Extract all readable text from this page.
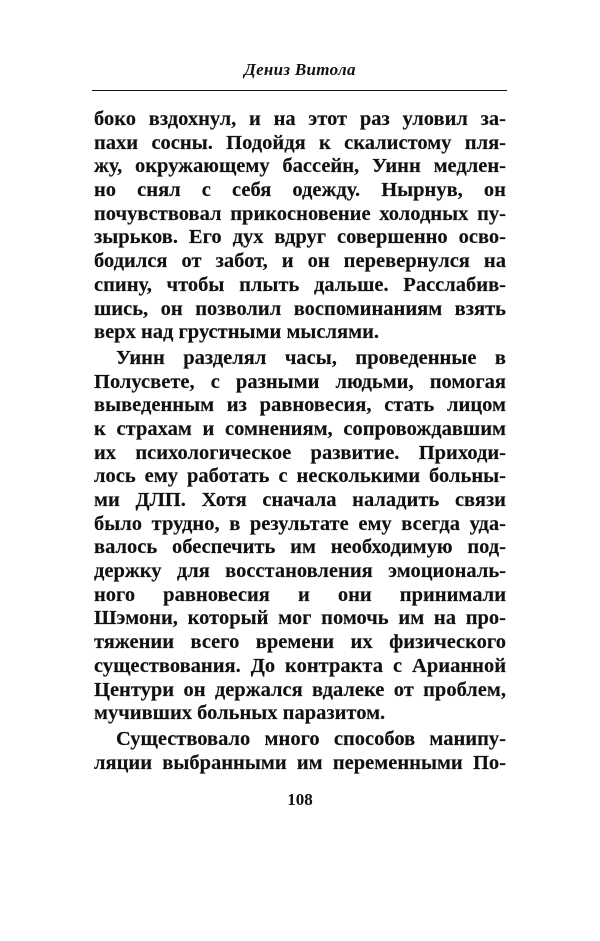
Дениз Витола
боко вздохнул, и на этот раз уловил за-
пахи сосны. Подойдя к скалистому пля-
жу, окружающему бассейн, Уинн медлен-
но снял с себя одежду. Нырнув, он
почувствовал прикосновение холодных пу-
зырьков. Его дух вдруг совершенно осво-
бодился от забот, и он перевернулся на
спину, чтобы плыть дальше. Расслабив-
шись, он позволил воспоминаниям взять
верх над грустными мыслями.
Уинн разделял часы, проведенные в
Полусвете, с разными людьми, помогая
выведенным из равновесия, стать лицом
к страхам и сомнениям, сопровождавшим
их психологическое развитие. Приходи-
лось ему работать с несколькими больны-
ми ДЛП. Хотя сначала наладить связи
было трудно, в результате ему всегда уда-
валось обеспечить им необходимую под-
держку для восстановления эмоциональ-
ного равновесия и они принимали
Шэмони, который мог помочь им на про-
тяжении всего времени их физического
существования. До контракта с Арианной
Центури он держался вдалеке от проблем,
мучивших больных паразитом.
Существовало много способов манипу-
ляции выбранными им переменными По-
108
